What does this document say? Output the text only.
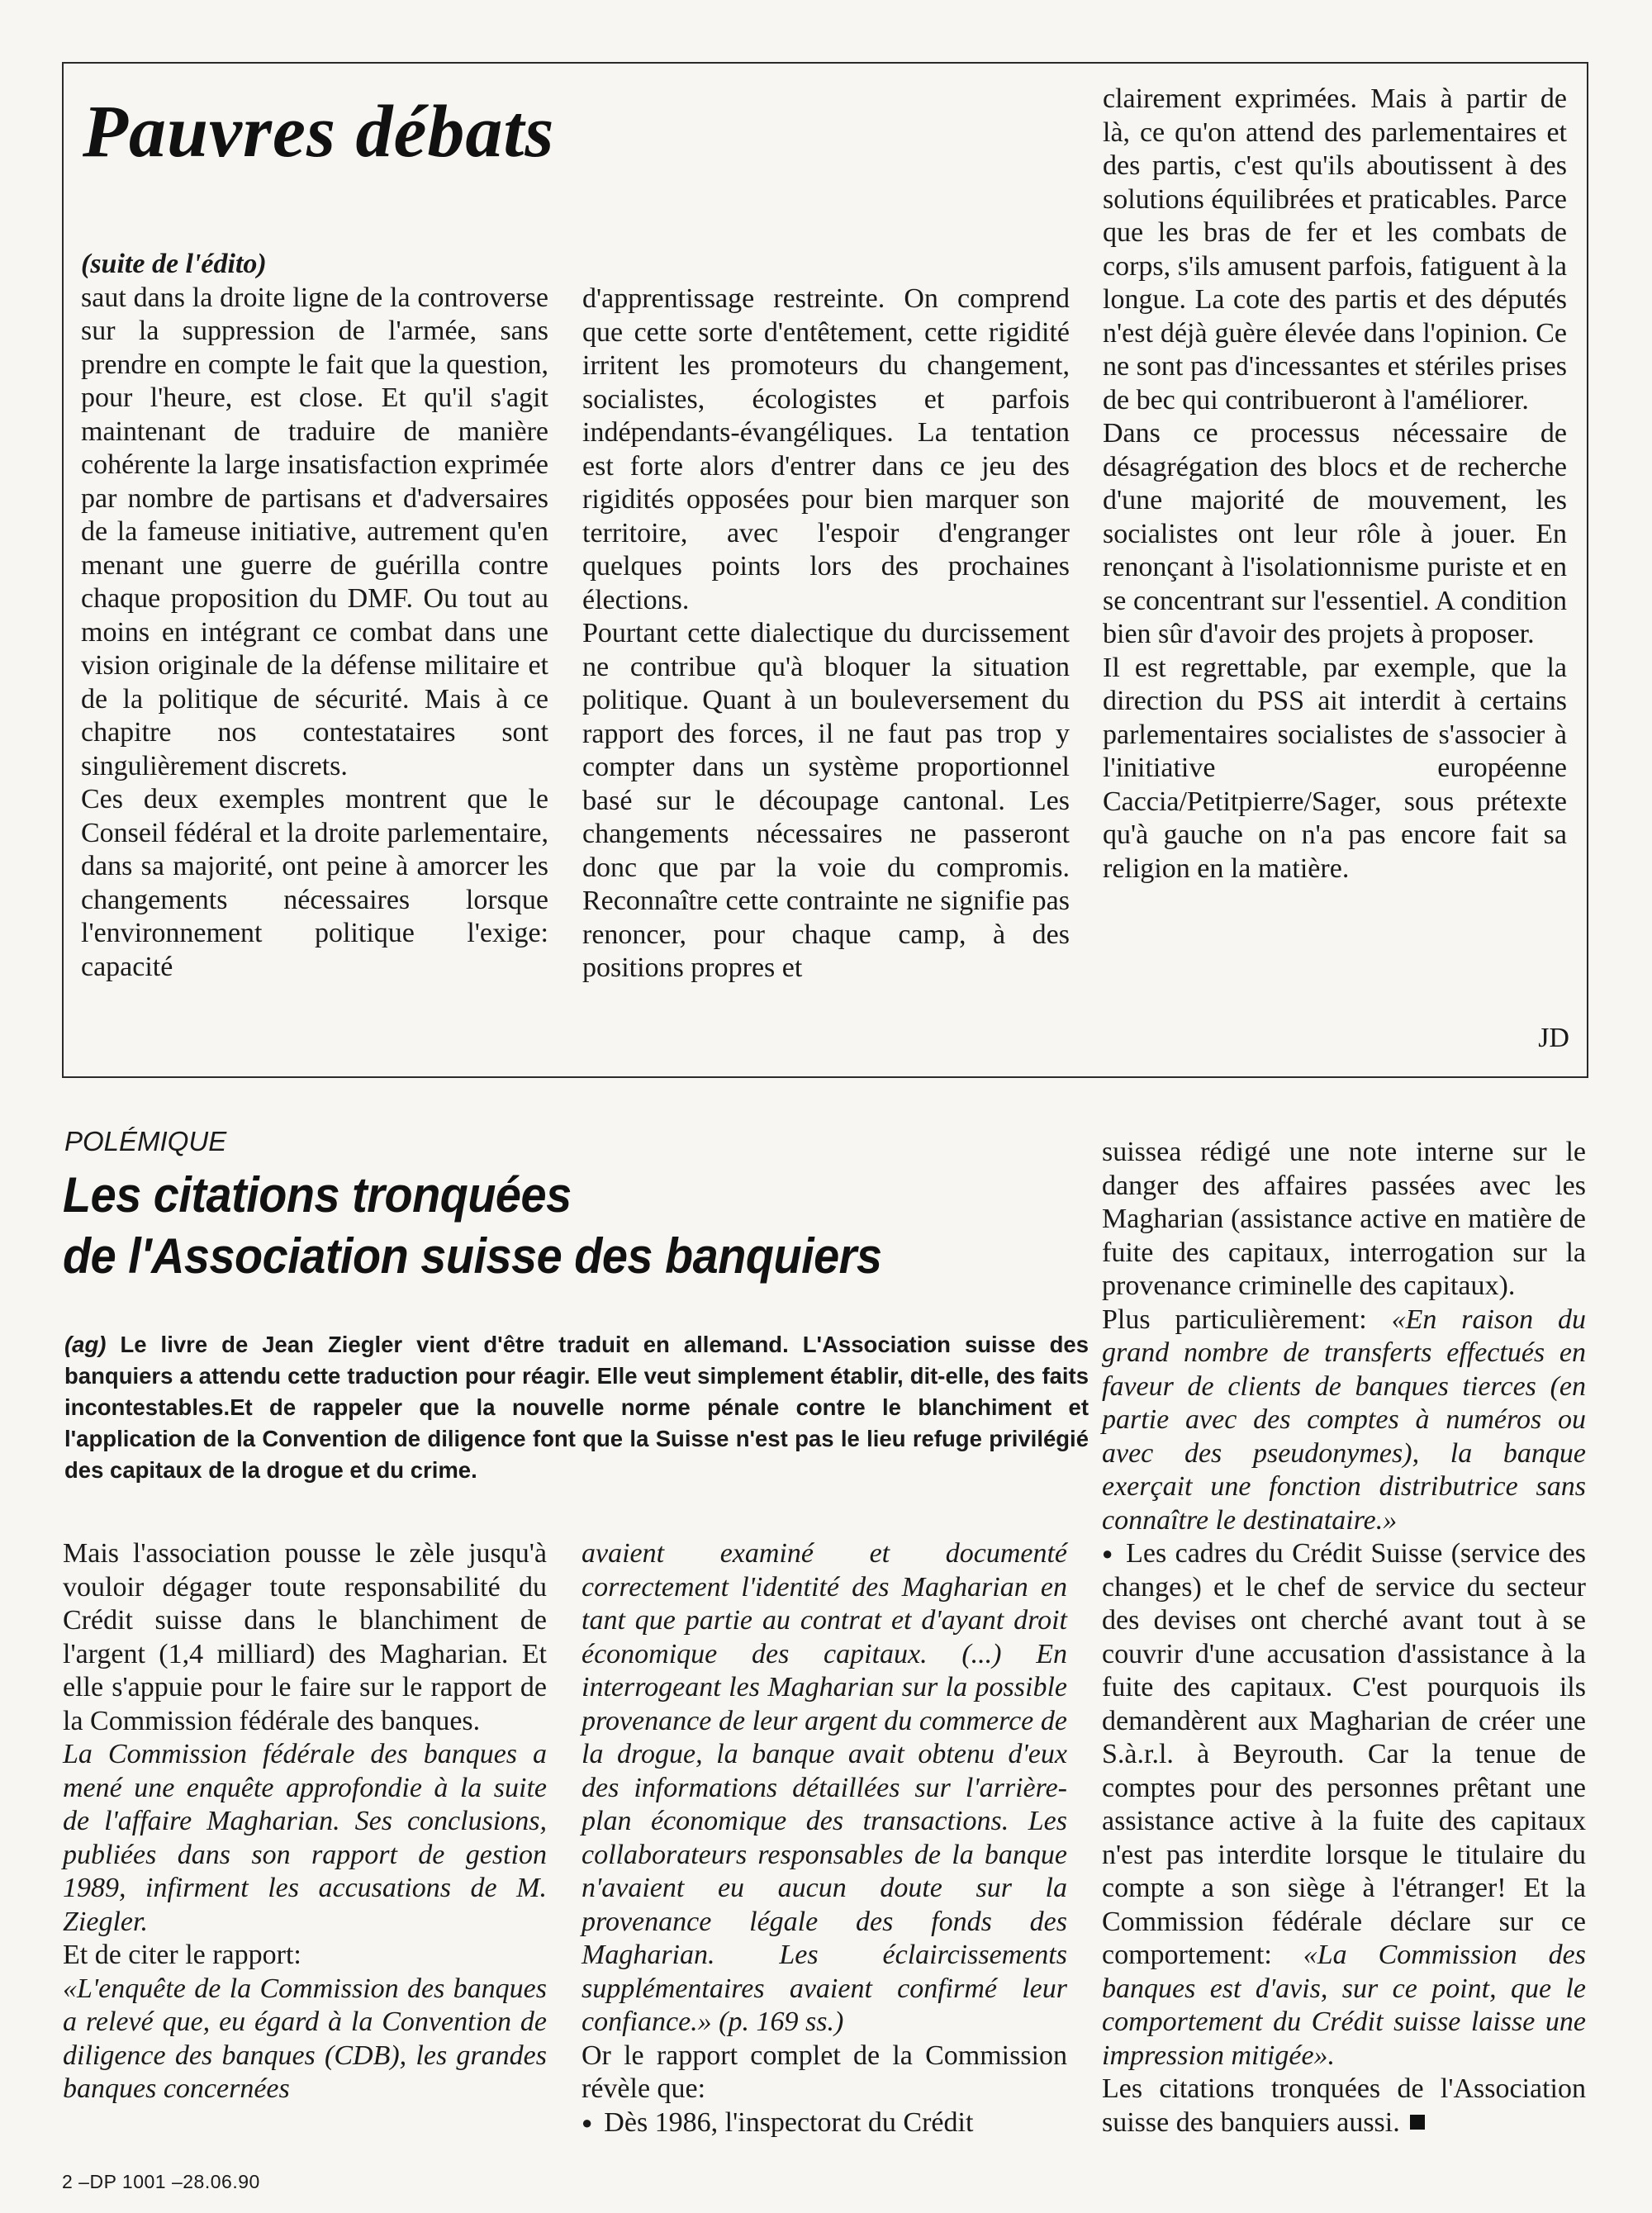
Pauvres débats

(suite de l'édito)

saut dans la droite ligne de la controverse sur la suppression de l'armée, sans prendre en compte le fait que la question, pour l'heure, est close. Et qu'il s'agit maintenant de traduire de manière cohérente la large insatisfaction exprimée par nombre de partisans et d'adversaires de la fameuse initiative, autrement qu'en menant une guerre de guérilla contre chaque proposition du DMF. Ou tout au moins en intégrant ce combat dans une vision originale de la défense militaire et de la politique de sécurité. Mais à ce chapitre nos contestataires sont singulièrement discrets.

Ces deux exemples montrent que le Conseil fédéral et la droite parlementaire, dans sa majorité, ont peine à amorcer les changements nécessaires lorsque l'environnement politique l'exige: capacité

d'apprentissage restreinte. On comprend que cette sorte d'entêtement, cette rigidité irritent les promoteurs du changement, socialistes, écologistes et parfois indépendants-évangéliques. La tentation est forte alors d'entrer dans ce jeu des rigidités opposées pour bien marquer son territoire, avec l'espoir d'engranger quelques points lors des prochaines élections.

Pourtant cette dialectique du durcissement ne contribue qu'à bloquer la situation politique. Quant à un bouleversement du rapport des forces, il ne faut pas trop y compter dans un système proportionnel basé sur le découpage cantonal. Les changements nécessaires ne passeront donc que par la voie du compromis. Reconnaître cette contrainte ne signifie pas renoncer, pour chaque camp, à des positions propres et

clairement exprimées. Mais à partir de là, ce qu'on attend des parlementaires et des partis, c'est qu'ils aboutissent à des solutions équilibrées et praticables. Parce que les bras de fer et les combats de corps, s'ils amusent parfois, fatiguent à la longue. La cote des partis et des députés n'est déjà guère élevée dans l'opinion. Ce ne sont pas d'incessantes et stériles prises de bec qui contribueront à l'améliorer.

Dans ce processus nécessaire de désagrégation des blocs et de recherche d'une majorité de mouvement, les socialistes ont leur rôle à jouer. En renonçant à l'isolationnisme puriste et en se concentrant sur l'essentiel. A condition bien sûr d'avoir des projets à proposer.

Il est regrettable, par exemple, que la direction du PSS ait interdit à certains parlementaires socialistes de s'associer à l'initiative européenne Caccia/Petitpierre/Sager, sous prétexte qu'à gauche on n'a pas encore fait sa religion en la matière.

JD
POLÉMIQUE
Les citations tronquées
de l'Association suisse des banquiers

(ag) Le livre de Jean Ziegler vient d'être traduit en allemand. L'Association suisse des banquiers a attendu cette traduction pour réagir. Elle veut simplement établir, dit-elle, des faits incontestables.Et de rappeler que la nouvelle norme pénale contre le blanchiment et l'application de la Convention de diligence font que la Suisse n'est pas le lieu refuge privilégié des capitaux de la drogue et du crime.

Mais l'association pousse le zèle jusqu'à vouloir dégager toute responsabilité du Crédit suisse dans le blanchiment de l'argent (1,4 milliard) des Magharian. Et elle s'appuie pour le faire sur le rapport de la Commission fédérale des banques.

La Commission fédérale des banques a mené une enquête approfondie à la suite de l'affaire Magharian. Ses conclusions, publiées dans son rapport de gestion 1989, infirment les accusations de M. Ziegler.

Et de citer le rapport:

«L'enquête de la Commission des banques a relevé que, eu égard à la Convention de diligence des banques (CDB), les grandes banques concernées

avaient examiné et documenté correctement l'identité des Magharian en tant que partie au contrat et d'ayant droit économique des capitaux. (...) En interrogeant les Magharian sur la possible provenance de leur argent du commerce de la drogue, la banque avait obtenu d'eux des informations détaillées sur l'arrière-plan économique des transactions. Les collaborateurs responsables de la banque n'avaient eu aucun doute sur la provenance légale des fonds des Magharian. Les éclaircissements supplémentaires avaient confirmé leur confiance.» (p. 169 ss.)

Or le rapport complet de la Commission révèle que:

● Dès 1986, l'inspectorat du Crédit

suissea rédigé une note interne sur le danger des affaires passées avec les Magharian (assistance active en matière de fuite des capitaux, interrogation sur la provenance criminelle des capitaux).

Plus particulièrement: «En raison du grand nombre de transferts effectués en faveur de clients de banques tierces (en partie avec des comptes à numéros ou avec des pseudonymes), la banque exerçait une fonction distributrice sans connaître le destinataire.»

● Les cadres du Crédit Suisse (service des changes) et le chef de service du secteur des devises ont cherché avant tout à se couvrir d'une accusation d'assistance à la fuite des capitaux. C'est pourquois ils demandèrent aux Magharian de créer une S.à.r.l. à Beyrouth. Car la tenue de comptes pour des personnes prêtant une assistance active à la fuite des capitaux n'est pas interdite lorsque le titulaire du compte a son siège à l'étranger! Et la Commission fédérale déclare sur ce comportement: «La Commission des banques est d'avis, sur ce point, que le comportement du Crédit suisse laisse une impression mitigée».

Les citations tronquées de l'Association suisse des banquiers aussi.

2 – DP 1001 – 28.06.90
